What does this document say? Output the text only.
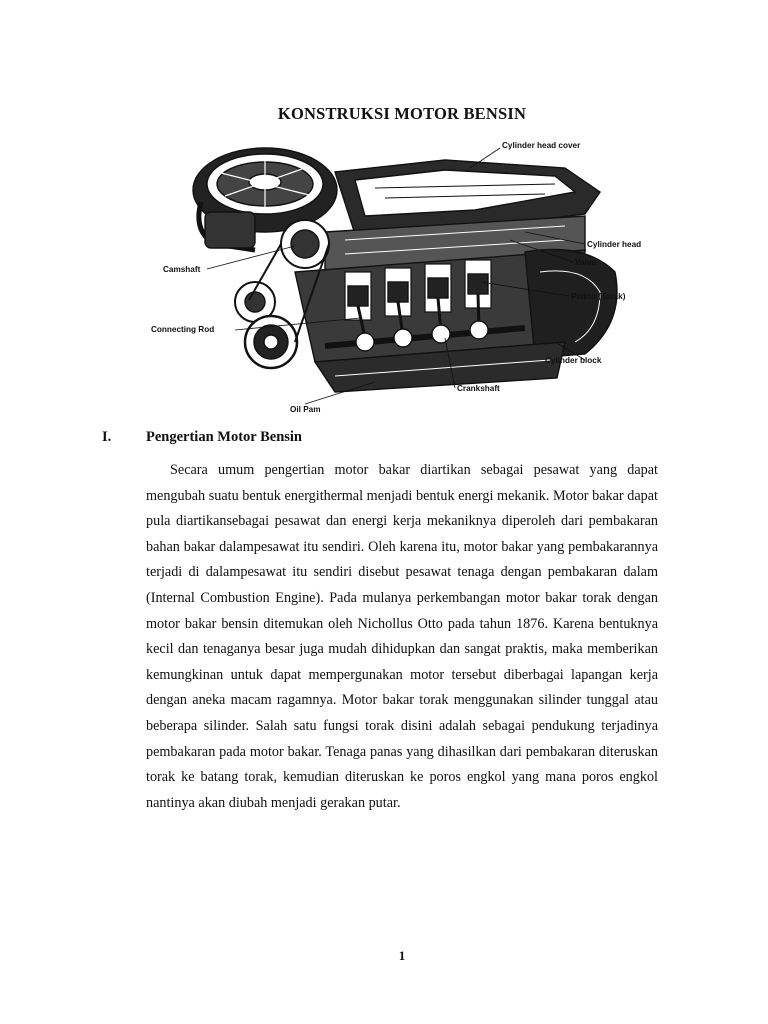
KONSTRUKSI MOTOR BENSIN
Cylinder head cover
Cylinder head
Valve
Piston (Torak)
Cylinder block
Crankshaft
Oil Pam
Camshaft
Connecting Rod
I. Pengertian Motor Bensin

Secara umum pengertian motor bakar diartikan sebagai pesawat yang dapat mengubah suatu bentuk energithermal menjadi bentuk energi mekanik. Motor bakar dapat pula diartikansebagai pesawat dan energi kerja mekaniknya diperoleh dari pembakaran bahan bakar dalampesawat itu sendiri. Oleh karena itu, motor bakar yang pembakarannya terjadi di dalampesawat itu sendiri disebut pesawat tenaga dengan pembakaran dalam (Internal Combustion Engine). Pada mulanya perkembangan motor bakar torak dengan motor bakar bensin ditemukan oleh Nichollus Otto pada tahun 1876. Karena bentuknya kecil dan tenaganya besar juga mudah dihidupkan dan sangat praktis, maka memberikan kemungkinan untuk dapat mempergunakan motor tersebut diberbagai lapangan kerja dengan aneka macam ragamnya. Motor bakar torak menggunakan silinder tunggal atau beberapa silinder. Salah satu fungsi torak disini adalah sebagai pendukung terjadinya pembakaran pada motor bakar. Tenaga panas yang dihasilkan dari pembakaran diteruskan torak ke batang torak, kemudian diteruskan ke poros engkol yang mana poros engkol nantinya akan diubah menjadi gerakan putar.

1
